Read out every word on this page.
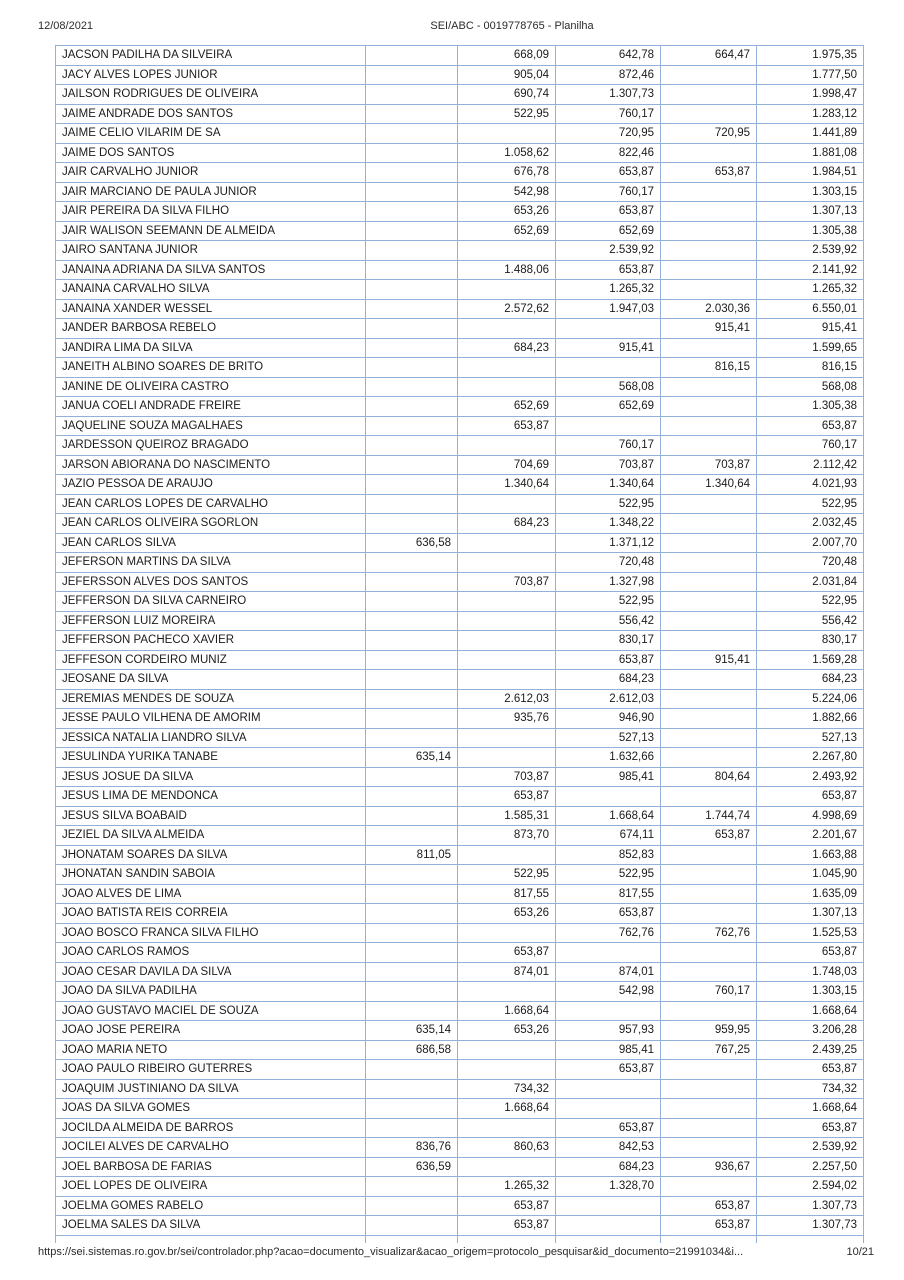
12/08/2021	SEI/ABC - 0019778765 - Planilha
JACSON PADILHA DA SILVEIRA		668,09	642,78	664,47	1.975,35
JACY ALVES LOPES JUNIOR		905,04	872,46		1.777,50
JAILSON RODRIGUES DE OLIVEIRA		690,74	1.307,73		1.998,47
JAIME ANDRADE DOS SANTOS		522,95	760,17		1.283,12
JAIME CELIO VILARIM DE SA			720,95	720,95	1.441,89
JAIME DOS SANTOS		1.058,62	822,46		1.881,08
JAIR CARVALHO JUNIOR		676,78	653,87	653,87	1.984,51
JAIR MARCIANO DE PAULA JUNIOR		542,98	760,17		1.303,15
JAIR PEREIRA DA SILVA FILHO		653,26	653,87		1.307,13
JAIR WALISON SEEMANN DE ALMEIDA		652,69	652,69		1.305,38
JAIRO SANTANA JUNIOR			2.539,92		2.539,92
JANAINA ADRIANA DA SILVA SANTOS		1.488,06	653,87		2.141,92
JANAINA CARVALHO SILVA			1.265,32		1.265,32
JANAINA XANDER WESSEL		2.572,62	1.947,03	2.030,36	6.550,01
JANDER BARBOSA REBELO				915,41	915,41
JANDIRA LIMA DA SILVA		684,23	915,41		1.599,65
JANEITH ALBINO SOARES DE BRITO				816,15	816,15
JANINE DE OLIVEIRA CASTRO			568,08		568,08
JANUA COELI ANDRADE FREIRE		652,69	652,69		1.305,38
JAQUELINE SOUZA MAGALHAES		653,87			653,87
JARDESSON QUEIROZ BRAGADO			760,17		760,17
JARSON ABIORANA DO NASCIMENTO		704,69	703,87	703,87	2.112,42
JAZIO PESSOA DE ARAUJO		1.340,64	1.340,64	1.340,64	4.021,93
JEAN CARLOS LOPES DE CARVALHO			522,95		522,95
JEAN CARLOS OLIVEIRA SGORLON		684,23	1.348,22		2.032,45
JEAN CARLOS SILVA	636,58		1.371,12		2.007,70
JEFERSON MARTINS DA SILVA			720,48		720,48
JEFERSSON ALVES DOS SANTOS		703,87	1.327,98		2.031,84
JEFFERSON DA SILVA CARNEIRO			522,95		522,95
JEFFERSON LUIZ MOREIRA			556,42		556,42
JEFFERSON PACHECO XAVIER			830,17		830,17
JEFFESON CORDEIRO MUNIZ			653,87	915,41	1.569,28
JEOSANE DA SILVA			684,23		684,23
JEREMIAS MENDES DE SOUZA		2.612,03	2.612,03		5.224,06
JESSE PAULO VILHENA DE AMORIM		935,76	946,90		1.882,66
JESSICA NATALIA LIANDRO SILVA			527,13		527,13
JESULINDA YURIKA TANABE	635,14		1.632,66		2.267,80
JESUS JOSUE DA SILVA		703,87	985,41	804,64	2.493,92
JESUS LIMA DE MENDONCA		653,87			653,87
JESUS SILVA BOABAID		1.585,31	1.668,64	1.744,74	4.998,69
JEZIEL DA SILVA ALMEIDA		873,70	674,11	653,87	2.201,67
JHONATAM SOARES DA SILVA	811,05		852,83		1.663,88
JHONATAN SANDIN SABOIA		522,95	522,95		1.045,90
JOAO ALVES DE LIMA		817,55	817,55		1.635,09
JOAO BATISTA REIS CORREIA		653,26	653,87		1.307,13
JOAO BOSCO FRANCA SILVA FILHO			762,76	762,76	1.525,53
JOAO CARLOS RAMOS		653,87			653,87
JOAO CESAR DAVILA DA SILVA		874,01	874,01		1.748,03
JOAO DA SILVA PADILHA			542,98	760,17	1.303,15
JOAO GUSTAVO MACIEL DE SOUZA		1.668,64			1.668,64
JOAO JOSE PEREIRA	635,14	653,26	957,93	959,95	3.206,28
JOAO MARIA NETO	686,58		985,41	767,25	2.439,25
JOAO PAULO RIBEIRO GUTERRES			653,87		653,87
JOAQUIM JUSTINIANO DA SILVA		734,32			734,32
JOAS DA SILVA GOMES		1.668,64			1.668,64
JOCILDA ALMEIDA DE BARROS			653,87		653,87
JOCILEI ALVES DE CARVALHO	836,76	860,63	842,53		2.539,92
JOEL BARBOSA DE FARIAS	636,59		684,23	936,67	2.257,50
JOEL LOPES DE OLIVEIRA		1.265,32	1.328,70		2.594,02
JOELMA GOMES RABELO		653,87		653,87	1.307,73
JOELMA SALES DA SILVA		653,87		653,87	1.307,73

https://sei.sistemas.ro.gov.br/sei/controlador.php?acao=documento_visualizar&acao_origem=protocolo_pesquisar&id_documento=21991034&i...	10/21
